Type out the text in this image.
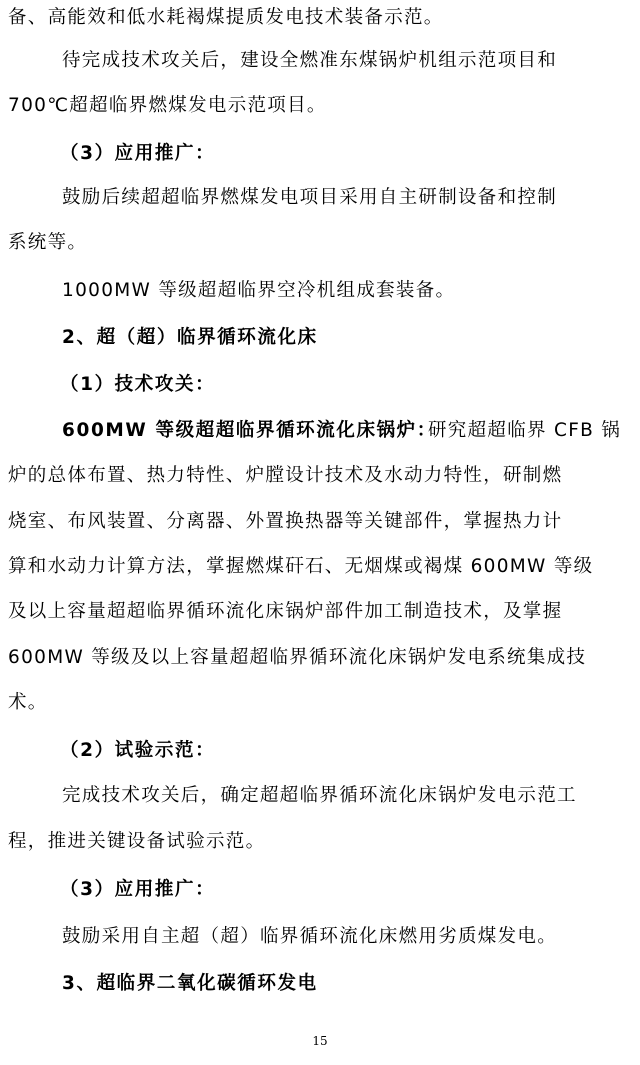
备、高能效和低水耗褐煤提质发电技术装备示范。
待完成技术攻关后，建设全燃准东煤锅炉机组示范项目和
700℃超超临界燃煤发电示范项目。
（3）应用推广：
鼓励后续超超临界燃煤发电项目采用自主研制设备和控制
系统等。
1000MW 等级超超临界空冷机组成套装备。
2、超（超）临界循环流化床
（1）技术攻关：
600MW 等级超超临界循环流化床锅炉：
研究超超临界 CFB 锅
炉的总体布置、热力特性、炉膛设计技术及水动力特性，研制燃
烧室、布风装置、分离器、外置换热器等关键部件，掌握热力计
算和水动力计算方法，掌握燃煤矸石、无烟煤或褐煤 600MW 等级
及以上容量超超临界循环流化床锅炉部件加工制造技术，及掌握
600MW 等级及以上容量超超临界循环流化床锅炉发电系统集成技
术。
（2）试验示范：
完成技术攻关后，确定超超临界循环流化床锅炉发电示范工
程，推进关键设备试验示范。
（3）应用推广：
鼓励采用自主超（超）临界循环流化床燃用劣质煤发电。
3、超临界二氧化碳循环发电
15
